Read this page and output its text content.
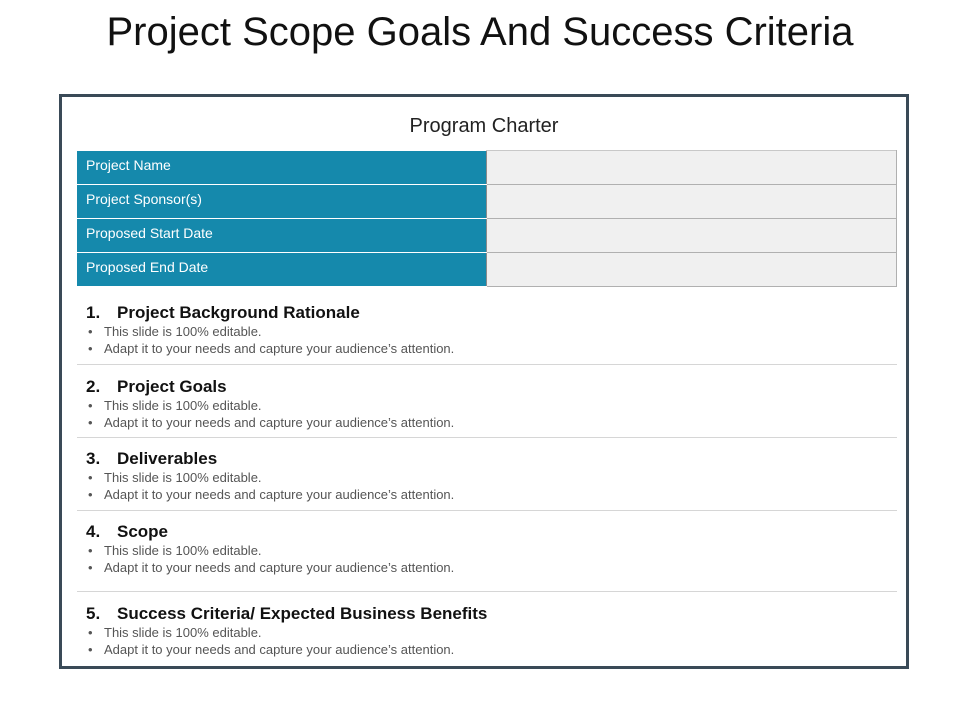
Project Scope Goals And Success Criteria
Program Charter
Project Name	
Project Sponsor(s)	
Proposed Start Date	
Proposed End Date	
1. Project Background Rationale
• This slide is 100% editable.
• Adapt it to your needs and capture your audience’s attention.
2. Project Goals
• This slide is 100% editable.
• Adapt it to your needs and capture your audience’s attention.
3. Deliverables
• This slide is 100% editable.
• Adapt it to your needs and capture your audience’s attention.
4. Scope
• This slide is 100% editable.
• Adapt it to your needs and capture your audience’s attention.
5. Success Criteria/ Expected Business Benefits
• This slide is 100% editable.
• Adapt it to your needs and capture your audience’s attention.
